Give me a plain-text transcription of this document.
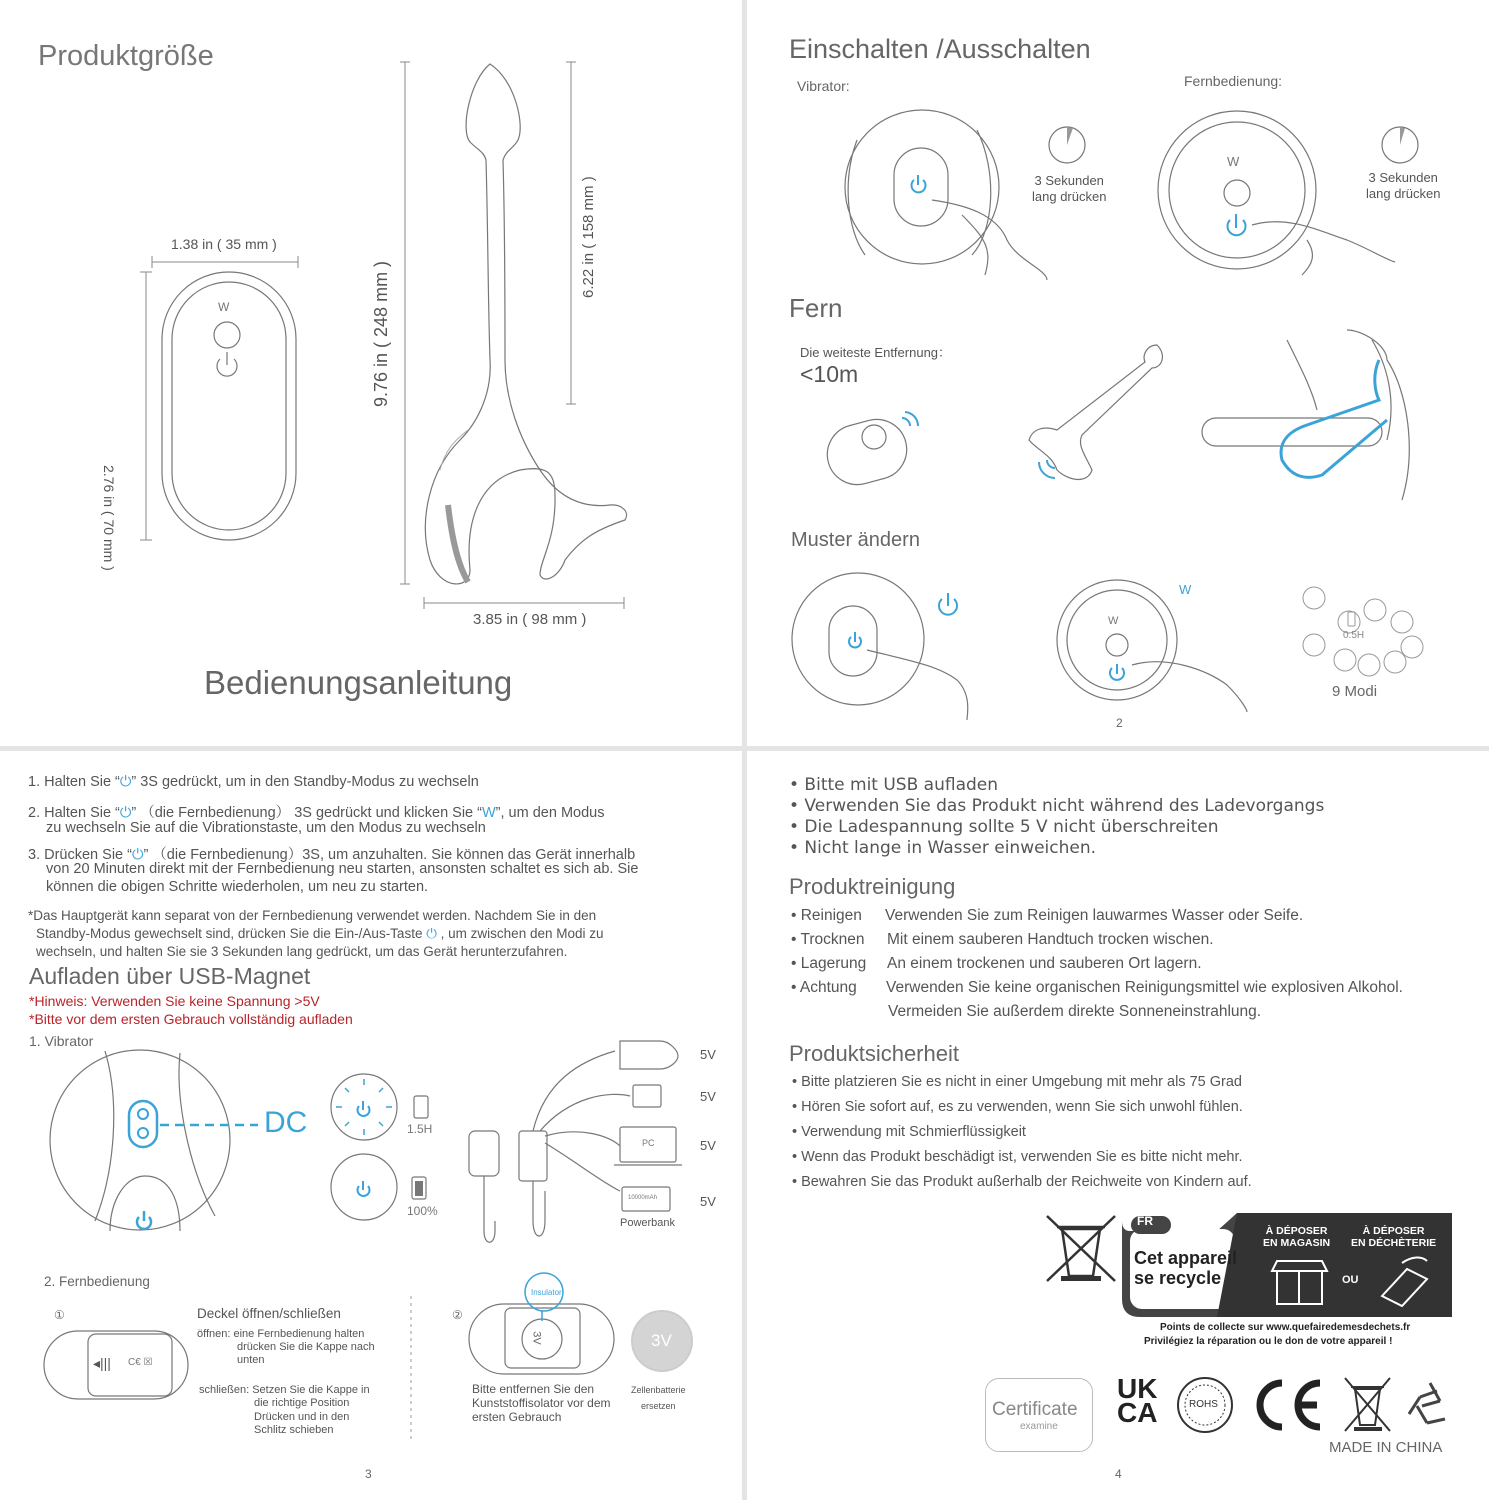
Produktgröße
W
1.38 in ( 35 mm )
2.76 in ( 70 mm )
9.76 in ( 248 mm )
6.22 in ( 158 mm )
3.85 in ( 98 mm )
Bedienungsanleitung
Einschalten /Ausschalten
Vibrator:	Fernbediеnung:
W
W
W
3 Sekunden
lang drücken
3 Sekunden
lang drücken
Fern
Die weiteste Entfernung：
<10m
Muster ändern
0.5H
9 Modi
2
1. Halten Sie “⏻” 3S gedrückt, um in den Standby-Modus zu wechseln
2. Halten Sie “⏻” （die Fernbedienung） 3S gedrückt und klicken Sie “W”, um den Modus
zu wechseln Sie auf die Vibrationstaste, um den Modus zu wechseln
3. Drücken Sie “⏻” （die Fernbedienung）3S, um anzuhalten. Sie können das Gerät innerhalb
von 20 Minuten direkt mit der Fernbedienung neu starten, ansonsten schaltet es sich ab. Sie
können die obigen Schritte wiederholen, um neu zu starten.
*Das Hauptgerät kann separat von der Fernbedienung verwendet werden. Nachdem Sie in den
Standby-Modus gewechselt sind, drücken Sie die Ein-/Aus-Taste ⏻ , um zwischen den Modi zu
wechseln, und halten Sie sie 3 Sekunden lang gedrückt, um das Gerät herunterzufahren.
Aufladen über USB-Magnet
*Hinweis: Verwenden Sie keine Spannung >5V
*Bitte vor dem ersten Gebrauch vollständig aufladen
1. Vibrator
DC	1.5H
100%
5V
5V
5V
5V
PC
10000mAh
Powerbank
2. Fernbedienung
①	②
◂||| C€ ☒
Deckel öffnen/schließen
öffnen: eine Fernbedienung halten
drücken Sie die Kappe nach
unten
schließen: Setzen Sie die Kappe in
die richtige Position
Drücken und in den
Schlitz schieben
Insulator
3V	3V
Bitte entfernen Sie den
Kunststoffisolator vor dem
ersten Gebrauch
Zellenbatterie
ersetzen
3
• Bitte mit USB aufladen
• Verwenden Sie das Produkt nicht während des Ladevorgangs
• Die Ladespannung sollte 5 V nicht überschreiten
• Nicht lange in Wasser einweichen.
Produktreinigung
• Reinigen Verwenden Sie zum Reinigen lauwarmes Wasser oder Seife.
• Trocknen Mit einem sauberen Handtuch trocken wischen.
• Lagerung An einem trockenen und sauberen Ort lagern.
• Achtung Verwenden Sie keine organischen Reinigungsmittel wie explosiven Alkohol.
Vermeiden Sie außerdem direkte Sonneneinstrahlung.
Produktsicherheit
• Bitte platzieren Sie es nicht in einer Umgebung mit mehr als 75 Grad
• Hören Sie sofort auf, es zu verwenden, wenn Sie sich unwohl fühlen.
• Verwendung mit Schmierflüssigkeit
• Wenn das Produkt beschädigt ist, verwenden Sie es bitte nicht mehr.
• Bewahren Sie das Produkt außerhalb der Reichweite von Kindern auf.
FR
Cet appareil
se recycle
À DÉPOSER
EN MAGASIN
OU
À DÉPOSER
EN DÉCHÈTERIE
Points de collecte sur www.quefairedemesdechets.fr
Privilégiez la réparation ou le don de votre appareil !
Certificate
examine
UK
CA	ROHS
MADE IN CHINA
4
